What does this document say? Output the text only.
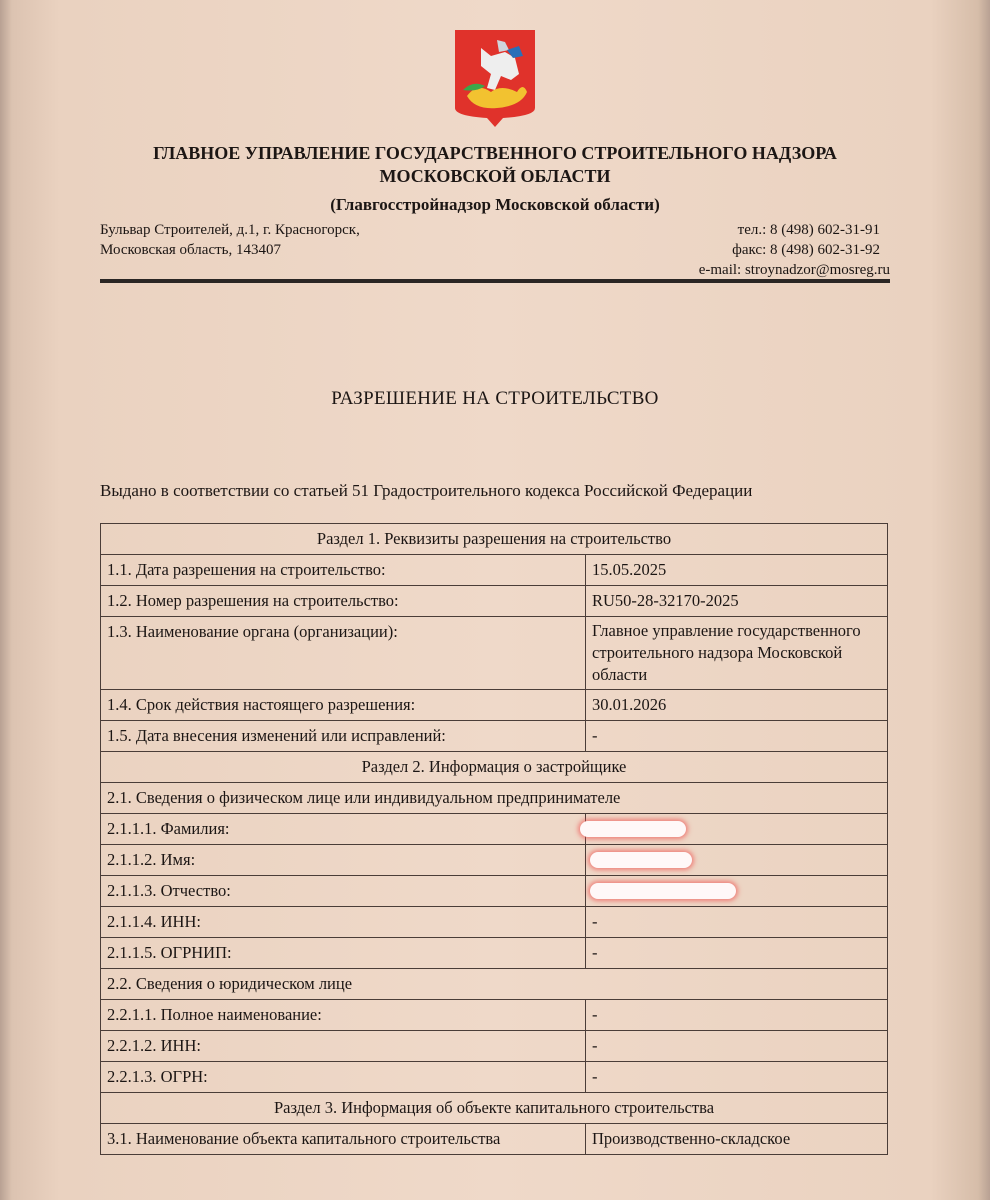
ГЛАВНОЕ УПРАВЛЕНИЕ ГОСУДАРСТВЕННОГО СТРОИТЕЛЬНОГО НАДЗОРА
МОСКОВСКОЙ ОБЛАСТИ
(Главгосстройнадзор Московской области)
Бульвар Строителей, д.1, г. Красногорск,
Московская область, 143407
тел.: 8 (498) 602-31-91
факс: 8 (498) 602-31-92
e-mail: stroynadzor@mosreg.ru
РАЗРЕШЕНИЕ НА СТРОИТЕЛЬСТВО
Выдано в соответствии со статьей 51 Градостроительного кодекса Российской Федерации
Раздел 1. Реквизиты разрешения на строительство	
1.1. Дата разрешения на строительство:	15.05.2025
1.2. Номер разрешения на строительство:	RU50-28-32170-2025
1.3. Наименование органа (организации):	Главное управление государственного строительного надзора Московской области
1.4. Срок действия настоящего разрешения:	30.01.2026
1.5. Дата внесения изменений или исправлений:	-
Раздел 2. Информация о застройщике	
2.1. Сведения о физическом лице или индивидуальном предпринимателе	
2.1.1.1. Фамилия:	

2.1.1.2. Имя:	

2.1.1.3. Отчество:	

2.1.1.4. ИНН:	-
2.1.1.5. ОГРНИП:	-
2.2. Сведения о юридическом лице	
2.2.1.1. Полное наименование:	-
2.2.1.2. ИНН:	-
2.2.1.3. ОГРН:	-
Раздел 3. Информация об объекте капитального строительства	
3.1. Наименование объекта капитального строительства	Производственно-складское
